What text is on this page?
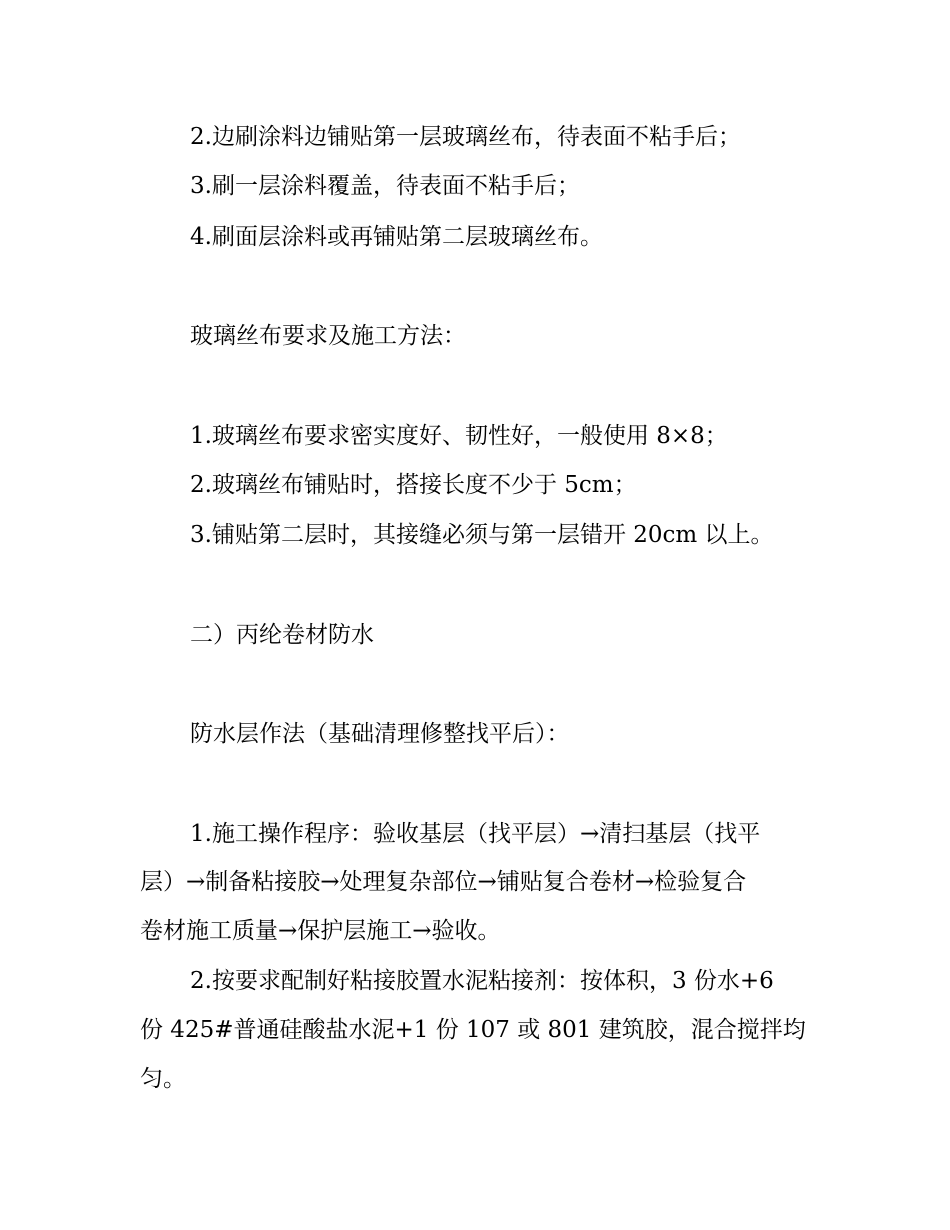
2.边刷涂料边铺贴第一层玻璃丝布，待表面不粘手后；
3.刷一层涂料覆盖，待表面不粘手后；
4.刷面层涂料或再铺贴第二层玻璃丝布。
玻璃丝布要求及施工方法：
1.玻璃丝布要求密实度好、韧性好，一般使用 8×8；
2.玻璃丝布铺贴时，搭接长度不少于 5cm；
3.铺贴第二层时，其接缝必须与第一层错开 20cm 以上。
二）丙纶卷材防水
防水层作法（基础清理修整找平后）：
1.施工操作程序：验收基层（找平层）→清扫基层（找平
层）→制备粘接胶→处理复杂部位→铺贴复合卷材→检验复合
卷材施工质量→保护层施工→验收。
2.按要求配制好粘接胶置水泥粘接剂：按体积，3 份水+6
份 425#普通硅酸盐水泥+1 份 107 或 801 建筑胶，混合搅拌均
匀。
